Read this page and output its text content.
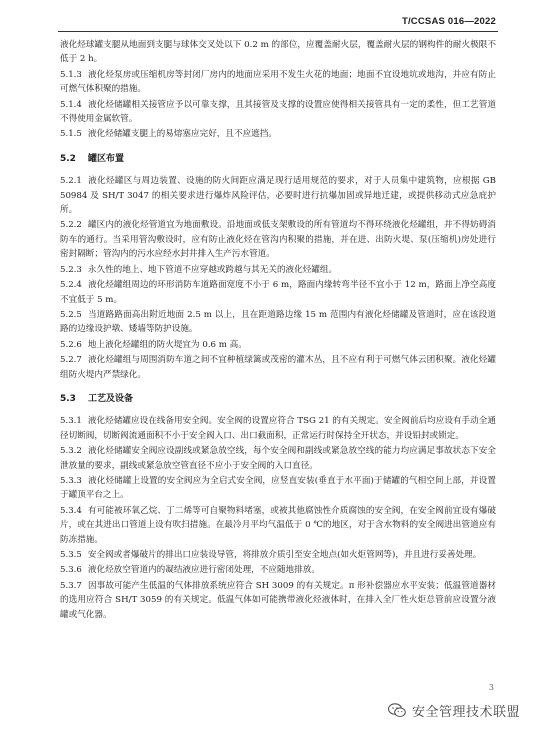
T/CCSAS 016—2022

液化烃球罐支腿从地面到支腿与球体交叉处以下 0.2 m 的部位，应覆盖耐火层，覆盖耐火层的钢构件的耐火极限不低于 2 h。

5.1.3 液化烃泵房或压缩机房等封闭厂房内的地面应采用不发生火花的地面；地面不宜设地坑或地沟，并应有防止可燃气体积聚的措施。

5.1.4 液化烃储罐相关接管应予以可靠支撑，且其接管及支撑的设置应使得相关接管具有一定的柔性，但工艺管道不得使用金属软管。

5.1.5 液化烃储罐支腿上的易熔塞应完好，且不应遮挡。

5.2 罐区布置

5.2.1 液化烃罐区与周边装置、设施的防火间距应满足现行适用规范的要求，对于人员集中建筑物，应根据 GB 50984 及 SH/T 3047 的相关要求进行爆炸风险评估，必要时进行抗爆加固或异地迁建，或提供移动式应急庇护所。

5.2.2 罐区内的液化烃管道宜为地面敷设。沿地面或低支架敷设的所有管道均不得环绕液化烃罐组，并不得妨碍消防车的通行。当采用管沟敷设时，应有防止液化烃在管沟内积聚的措施，并在进、出防火堤、泵(压缩机)房处进行密封隔断；管沟内的污水应经水封井排入生产污水管道。

5.2.3 永久性的地上、地下管道不应穿越或跨越与其无关的液化烃罐组。

5.2.4 液化烃罐组周边的环形消防车道路面宽度不小于 6 m，路面内缘转弯半径不宜小于 12 m，路面上净空高度不宜低于 5 m。

5.2.5 当道路路面高出附近地面 2.5 m 以上，且在距道路边缘 15 m 范围内有液化烃储罐及管道时，应在该段道路的边缘设护墩、矮墙等防护设施。

5.2.6 地上液化烃罐组的防火堤宜为 0.6 m 高。

5.2.7 液化烃罐组与周围消防车道之间不宜种植绿篱或茂密的灌木丛，且不应有利于可燃气体云团积聚。液化烃罐组防火堤内严禁绿化。

5.3 工艺及设备

5.3.1 液化烃储罐应设在线备用安全阀。安全阀的设置应符合 TSG 21 的有关规定。安全阀前后均应设有手动全通径切断阀，切断阀流通面积不小于安全阀入口、出口截面积，正常运行时保持全开状态，并设铅封或锁定。

5.3.2 液化烃储罐安全阀应设副线或紧急放空线，每个安全阀和副线或紧急放空线的能力均应满足事故状态下安全泄放量的要求，副线或紧急放空管直径不应小于安全阀的入口直径。

5.3.3 液化烃储罐上设置的安全阀应为全启式安全阀，应竖直安装(垂直于水平面)于储罐的气相空间上部，并设置于罐顶平台之上。

5.3.4 有可能被环氧乙烷、丁二烯等可自聚物料堵塞，或被其他腐蚀性介质腐蚀的安全阀，在安全阀前宜设有爆破片，或在其进出口管道上设有吹扫措施。在最冷月平均气温低于 0 ℃的地区，对于含水物料的安全阀进出管道应有防冻措施。

5.3.5 安全阀或者爆破片的排出口应装设导管，将排放介质引至安全地点(如火炬管网等)，并且进行妥善处理。

5.3.6 液化烃放空管道内的凝结液应进行密闭处理，不应随地排放。

5.3.7 因事故可能产生低温的气体排放系统应符合 SH 3009 的有关规定。π 形补偿器应水平安装；低温管道器材的选用应符合 SH/T 3059 的有关规定。低温气体如可能携带液化烃液体时，在排入全厂性火炬总管前应设置分液罐或气化器。

3
安全管理技术联盟
